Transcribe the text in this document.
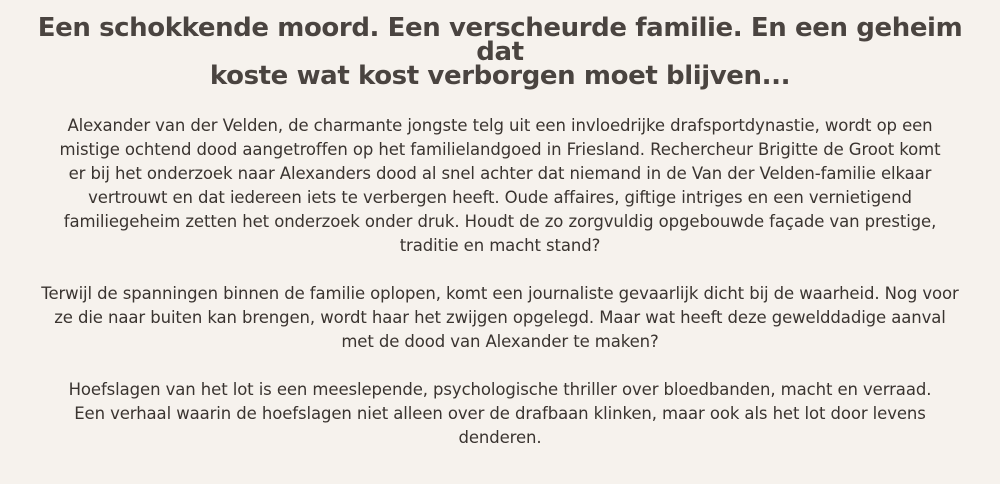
Een schokkende moord. Een verscheurde familie. En een geheim dat
koste wat kost verborgen moet blijven...

Alexander van der Velden, de charmante jongste telg uit een invloedrijke drafsportdynastie, wordt op een
mistige ochtend dood aangetroffen op het familielandgoed in Friesland. Rechercheur Brigitte de Groot komt
er bij het onderzoek naar Alexanders dood al snel achter dat niemand in de Van der Velden-familie elkaar
vertrouwt en dat iedereen iets te verbergen heeft. Oude affaires, giftige intriges en een vernietigend
familiegeheim zetten het onderzoek onder druk. Houdt de zo zorgvuldig opgebouwde façade van prestige,
traditie en macht stand?

Terwijl de spanningen binnen de familie oplopen, komt een journaliste gevaarlijk dicht bij de waarheid. Nog voor
ze die naar buiten kan brengen, wordt haar het zwijgen opgelegd. Maar wat heeft deze gewelddadige aanval
met de dood van Alexander te maken?

Hoefslagen van het lot is een meeslepende, psychologische thriller over bloedbanden, macht en verraad.
Een verhaal waarin de hoefslagen niet alleen over de drafbaan klinken, maar ook als het lot door levens
denderen.
